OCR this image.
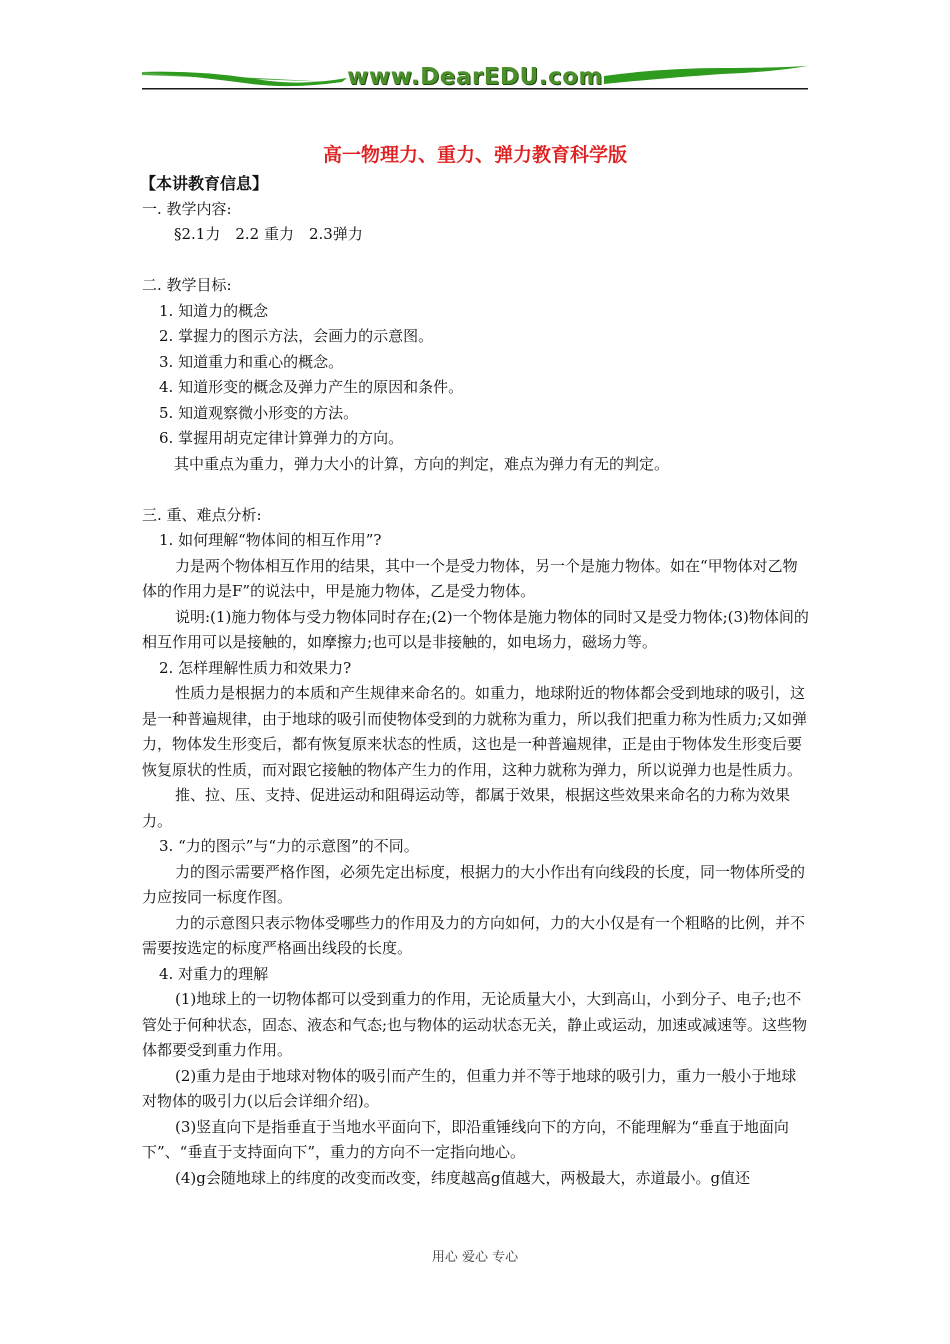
www.DearEDU.com
高一物理力、重力、弹力教育科学版

【本讲教育信息】

一. 教学内容:

§2.1力　2.2 重力　2.3弹力

二. 教学目标:

1. 知道力的概念

2. 掌握力的图示方法，会画力的示意图。

3. 知道重力和重心的概念。

4. 知道形变的概念及弹力产生的原因和条件。

5. 知道观察微小形变的方法。

6. 掌握用胡克定律计算弹力的方向。

其中重点为重力，弹力大小的计算，方向的判定，难点为弹力有无的判定。

三. 重、难点分析:

1. 如何理解“物体间的相互作用”?

力是两个物体相互作用的结果，其中一个是受力物体，另一个是施力物体。如在“甲物体对乙物体的作用力是F”的说法中，甲是施力物体，乙是受力物体。

说明:(1)施力物体与受力物体同时存在;(2)一个物体是施力物体的同时又是受力物体;(3)物体间的相互作用可以是接触的，如摩擦力;也可以是非接触的，如电场力，磁场力等。

2. 怎样理解性质力和效果力?

性质力是根据力的本质和产生规律来命名的。如重力，地球附近的物体都会受到地球的吸引，这是一种普遍规律，由于地球的吸引而使物体受到的力就称为重力，所以我们把重力称为性质力;又如弹力，物体发生形变后，都有恢复原来状态的性质，这也是一种普遍规律，正是由于物体发生形变后要恢复原状的性质，而对跟它接触的物体产生力的作用，这种力就称为弹力，所以说弹力也是性质力。

推、拉、压、支持、促进运动和阻碍运动等，都属于效果，根据这些效果来命名的力称为效果力。

3. “力的图示”与“力的示意图”的不同。

力的图示需要严格作图，必须先定出标度，根据力的大小作出有向线段的长度，同一物体所受的力应按同一标度作图。

力的示意图只表示物体受哪些力的作用及力的方向如何，力的大小仅是有一个粗略的比例，并不需要按选定的标度严格画出线段的长度。

4. 对重力的理解

(1)地球上的一切物体都可以受到重力的作用，无论质量大小，大到高山，小到分子、电子;也不管处于何种状态，固态、液态和气态;也与物体的运动状态无关，静止或运动，加速或减速等。这些物体都要受到重力作用。

(2)重力是由于地球对物体的吸引而产生的，但重力并不等于地球的吸引力，重力一般小于地球对物体的吸引力(以后会详细介绍)。

(3)竖直向下是指垂直于当地水平面向下，即沿重锤线向下的方向，不能理解为“垂直于地面向下”、“垂直于支持面向下”，重力的方向不一定指向地心。

(4)g会随地球上的纬度的改变而改变，纬度越高g值越大，两极最大，赤道最小。g值还

用心 爱心 专心
